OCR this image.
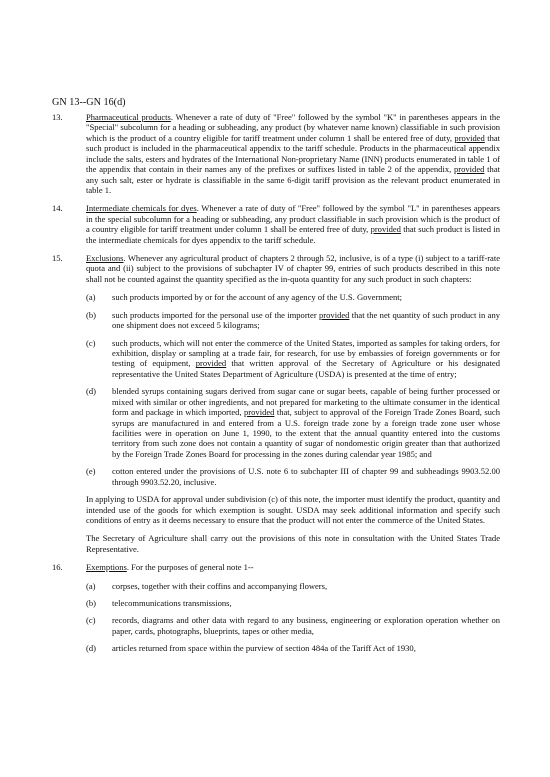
GN 13--GN 16(d)
13.	Pharmaceutical products. Whenever a rate of duty of "Free" followed by the symbol "K" in parentheses appears in the "Special" subcolumn for a heading or subheading, any product (by whatever name known) classifiable in such provision which is the product of a country eligible for tariff treatment under column 1 shall be entered free of duty, provided that such product is included in the pharmaceutical appendix to the tariff schedule. Products in the pharmaceutical appendix include the salts, esters and hydrates of the International Non-proprietary Name (INN) products enumerated in table 1 of the appendix that contain in their names any of the prefixes or suffixes listed in table 2 of the appendix, provided that any such salt, ester or hydrate is classifiable in the same 6-digit tariff provision as the relevant product enumerated in table 1.
14.	Intermediate chemicals for dyes. Whenever a rate of duty of "Free" followed by the symbol "L" in parentheses appears in the special subcolumn for a heading or subheading, any product classifiable in such provision which is the product of a country eligible for tariff treatment under column 1 shall be entered free of duty, provided that such product is listed in the intermediate chemicals for dyes appendix to the tariff schedule.
15.	Exclusions. Whenever any agricultural product of chapters 2 through 52, inclusive, is of a type (i) subject to a tariff-rate quota and (ii) subject to the provisions of subchapter IV of chapter 99, entries of such products described in this note shall not be counted against the quantity specified as the in-quota quantity for any such product in such chapters:
(a) such products imported by or for the account of any agency of the U.S. Government;
(b) such products imported for the personal use of the importer provided that the net quantity of such product in any one shipment does not exceed 5 kilograms;
(c) such products, which will not enter the commerce of the United States, imported as samples for taking orders, for exhibition, display or sampling at a trade fair, for research, for use by embassies of foreign governments or for testing of equipment, provided that written approval of the Secretary of Agriculture or his designated representative the United States Department of Agriculture (USDA) is presented at the time of entry;
(d) blended syrups containing sugars derived from sugar cane or sugar beets, capable of being further processed or mixed with similar or other ingredients, and not prepared for marketing to the ultimate consumer in the identical form and package in which imported, provided that, subject to approval of the Foreign Trade Zones Board, such syrups are manufactured in and entered from a U.S. foreign trade zone by a foreign trade zone user whose facilities were in operation on June 1, 1990, to the extent that the annual quantity entered into the customs territory from such zone does not contain a quantity of sugar of nondomestic origin greater than that authorized by the Foreign Trade Zones Board for processing in the zones during calendar year 1985; and
(e) cotton entered under the provisions of U.S. note 6 to subchapter III of chapter 99 and subheadings 9903.52.00 through 9903.52.20, inclusive.
In applying to USDA for approval under subdivision (c) of this note, the importer must identify the product, quantity and intended use of the goods for which exemption is sought. USDA may seek additional information and specify such conditions of entry as it deems necessary to ensure that the product will not enter the commerce of the United States.
The Secretary of Agriculture shall carry out the provisions of this note in consultation with the United States Trade Representative.
16.	Exemptions. For the purposes of general note 1--
(a) corpses, together with their coffins and accompanying flowers,
(b) telecommunications transmissions,
(c) records, diagrams and other data with regard to any business, engineering or exploration operation whether on paper, cards, photographs, blueprints, tapes or other media,
(d) articles returned from space within the purview of section 484a of the Tariff Act of 1930,
